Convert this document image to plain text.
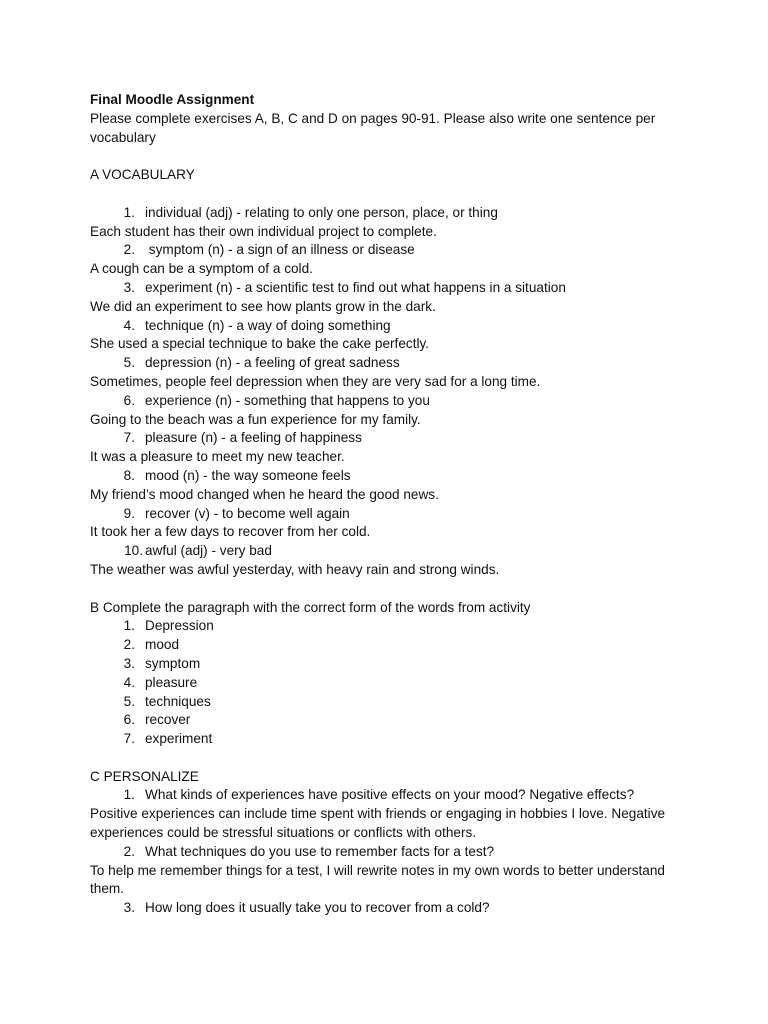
Final Moodle Assignment
Please complete exercises A, B, C and D on pages 90-91. Please also write one sentence per vocabulary
A VOCABULARY
1. individual (adj) - relating to only one person, place, or thing
Each student has their own individual project to complete.
2. symptom (n) - a sign of an illness or disease
A cough can be a symptom of a cold.
3. experiment (n) - a scientific test to find out what happens in a situation
We did an experiment to see how plants grow in the dark.
4. technique (n) - a way of doing something
She used a special technique to bake the cake perfectly.
5. depression (n) - a feeling of great sadness
Sometimes, people feel depression when they are very sad for a long time.
6. experience (n) - something that happens to you
Going to the beach was a fun experience for my family.
7. pleasure (n) - a feeling of happiness
It was a pleasure to meet my new teacher.
8. mood (n) - the way someone feels
My friend’s mood changed when he heard the good news.
9. recover (v) - to become well again
It took her a few days to recover from her cold.
10. awful (adj) - very bad
The weather was awful yesterday, with heavy rain and strong winds.
B Complete the paragraph with the correct form of the words from activity
1. Depression
2. mood
3. symptom
4. pleasure
5. techniques
6. recover
7. experiment
C PERSONALIZE
1. What kinds of experiences have positive effects on your mood? Negative effects?
Positive experiences can include time spent with friends or engaging in hobbies I love. Negative experiences could be stressful situations or conflicts with others.
2. What techniques do you use to remember facts for a test?
To help me remember things for a test, I will rewrite notes in my own words to better understand them.
3. How long does it usually take you to recover from a cold?
